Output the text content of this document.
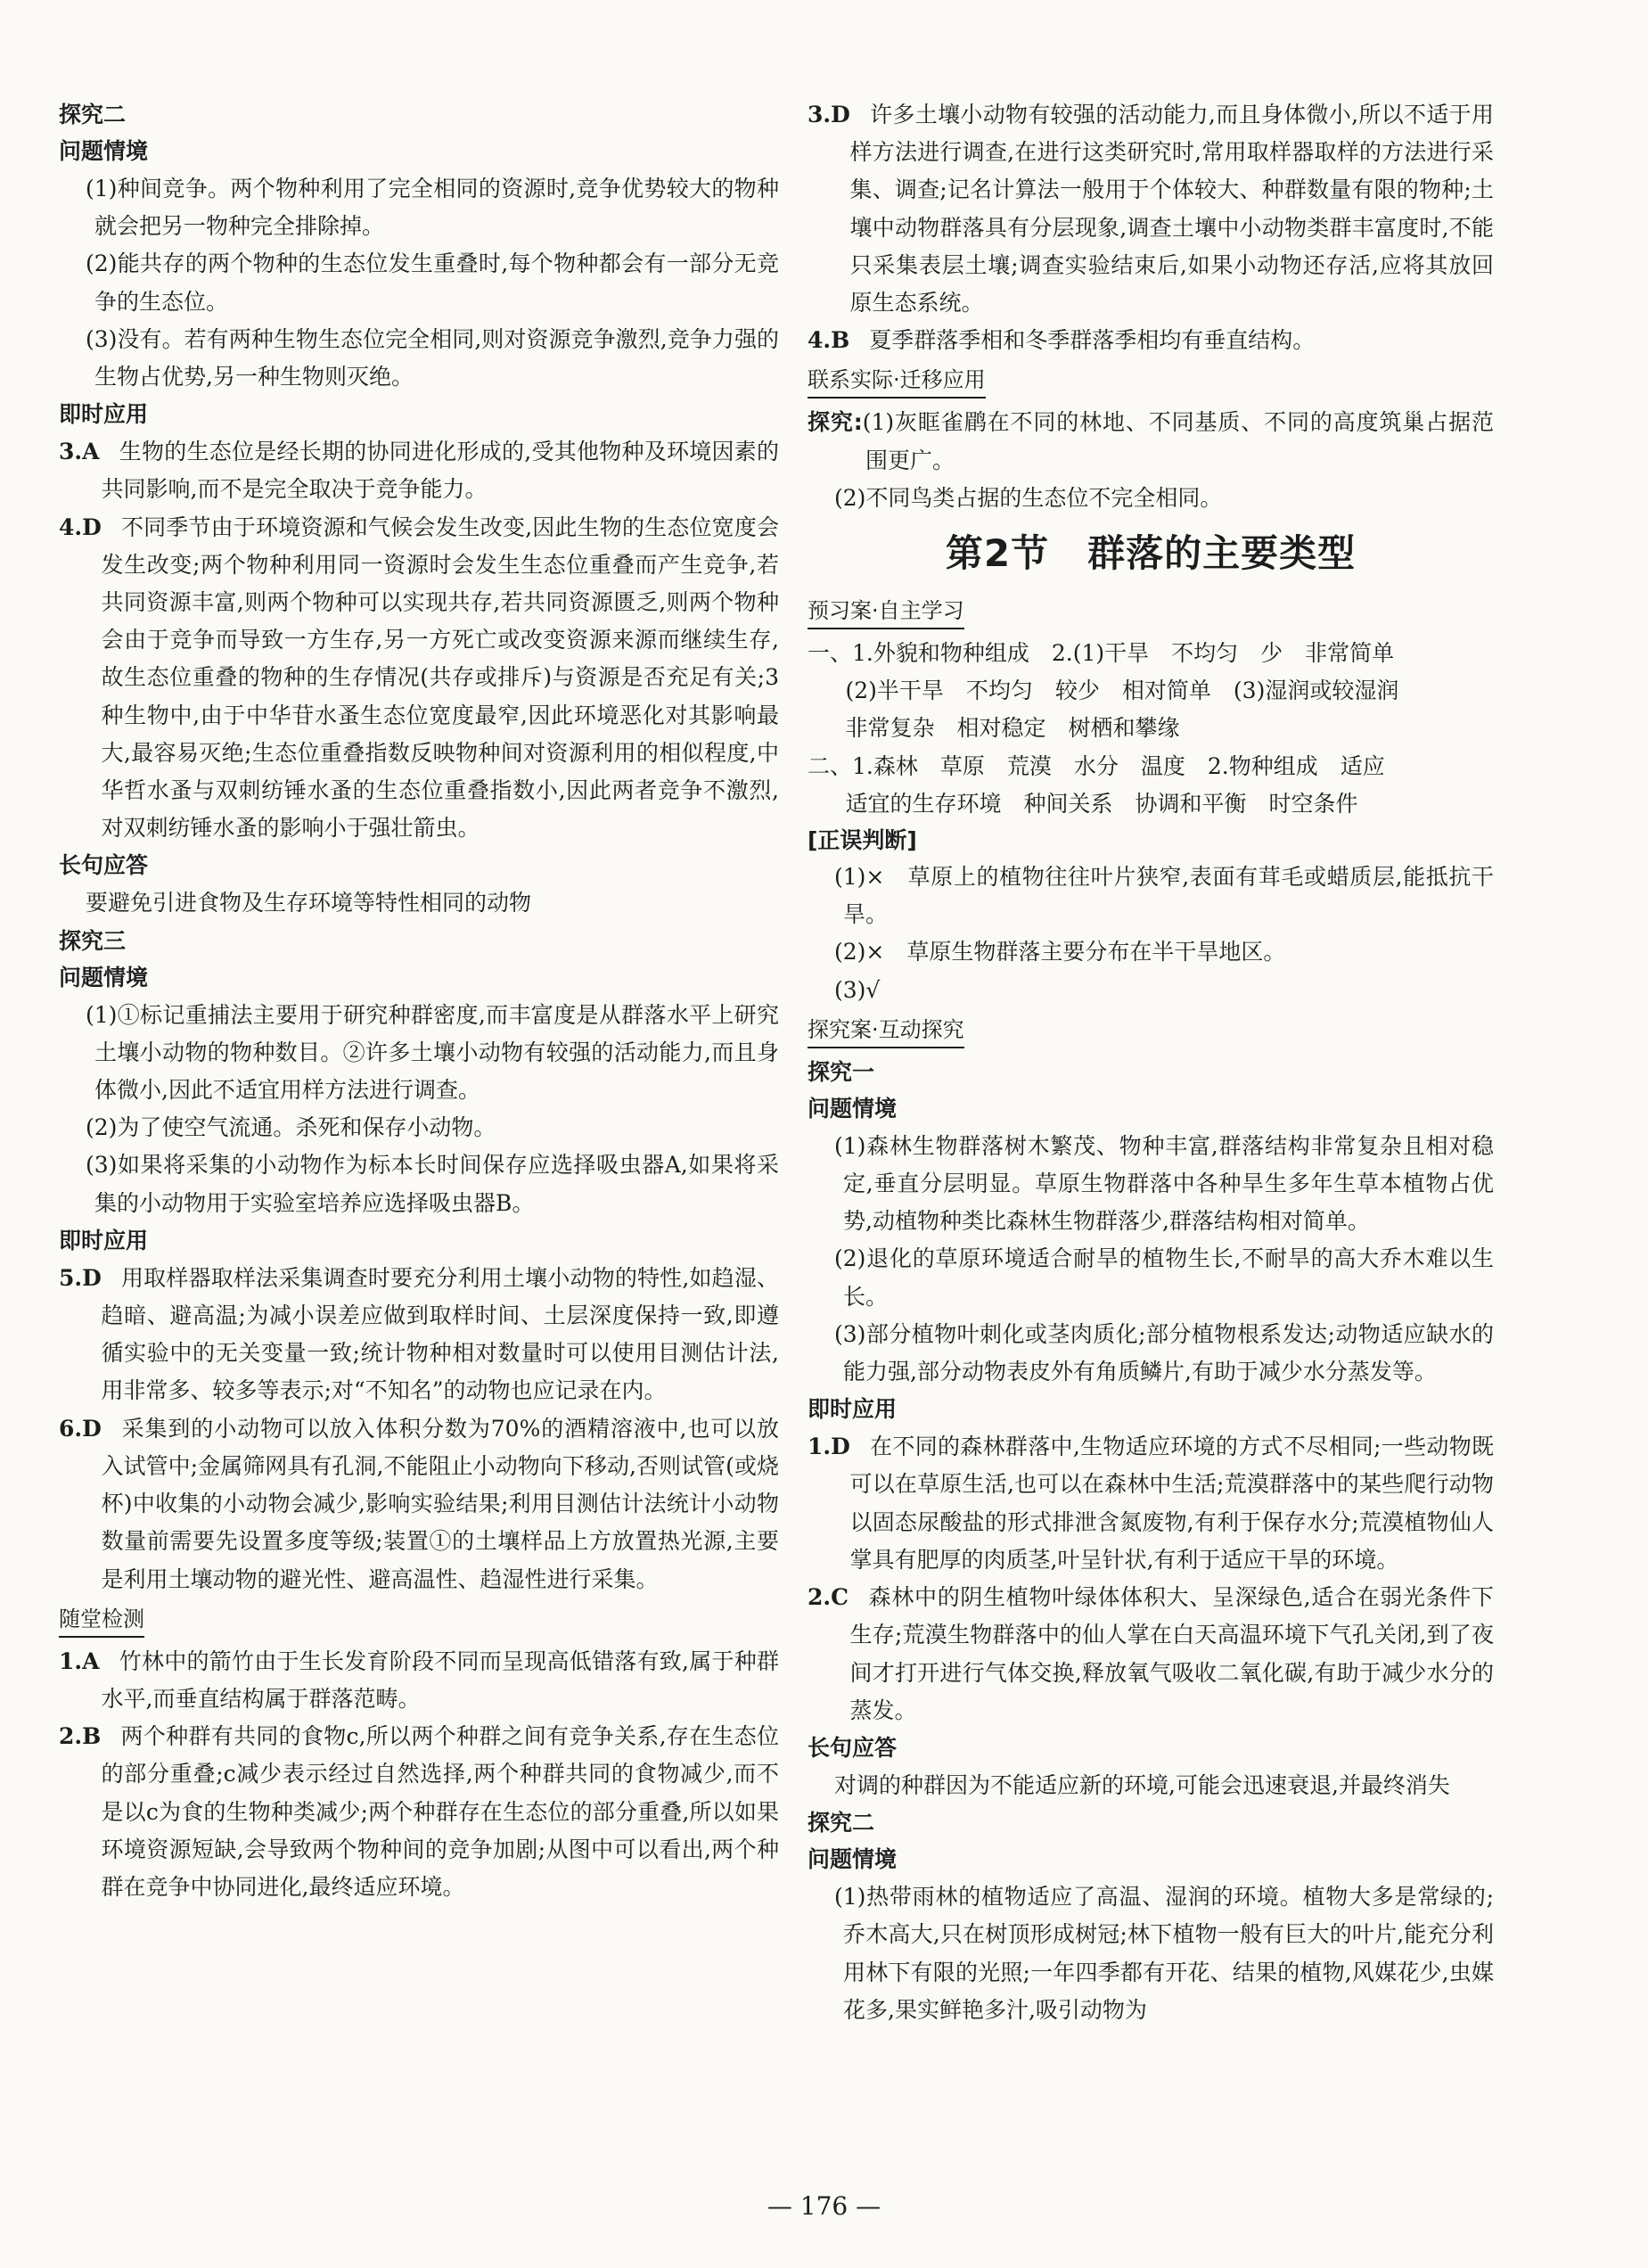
探究二
问题情境

(1)种间竞争。两个物种利用了完全相同的资源时,竞争优势较大的物种就会把另一物种完全排除掉。

(2)能共存的两个物种的生态位发生重叠时,每个物种都会有一部分无竞争的生态位。

(3)没有。若有两种生物生态位完全相同,则对资源竞争激烈,竞争力强的生物占优势,另一种生物则灭绝。

即时应用

3.A 生物的生态位是经长期的协同进化形成的,受其他物种及环境因素的共同影响,而不是完全取决于竞争能力。

4.D 不同季节由于环境资源和气候会发生改变,因此生物的生态位宽度会发生改变;两个物种利用同一资源时会发生生态位重叠而产生竞争,若共同资源丰富,则两个物种可以实现共存,若共同资源匮乏,则两个物种会由于竞争而导致一方生存,另一方死亡或改变资源来源而继续生存,故生态位重叠的物种的生存情况(共存或排斥)与资源是否充足有关;3种生物中,由于中华苷水蚤生态位宽度最窄,因此环境恶化对其影响最大,最容易灭绝;生态位重叠指数反映物种间对资源利用的相似程度,中华哲水蚤与双刺纺锤水蚤的生态位重叠指数小,因此两者竞争不激烈,对双刺纺锤水蚤的影响小于强壮箭虫。

长句应答

要避免引进食物及生存环境等特性相同的动物

探究三
问题情境

(1)①标记重捕法主要用于研究种群密度,而丰富度是从群落水平上研究土壤小动物的物种数目。②许多土壤小动物有较强的活动能力,而且身体微小,因此不适宜用样方法进行调查。

(2)为了使空气流通。杀死和保存小动物。

(3)如果将采集的小动物作为标本长时间保存应选择吸虫器A,如果将采集的小动物用于实验室培养应选择吸虫器B。

即时应用

5.D 用取样器取样法采集调查时要充分利用土壤小动物的特性,如趋湿、趋暗、避高温;为减小误差应做到取样时间、土层深度保持一致,即遵循实验中的无关变量一致;统计物种相对数量时可以使用目测估计法,用非常多、较多等表示;对“不知名”的动物也应记录在内。

6.D 采集到的小动物可以放入体积分数为70%的酒精溶液中,也可以放入试管中;金属筛网具有孔洞,不能阻止小动物向下移动,否则试管(或烧杯)中收集的小动物会减少,影响实验结果;利用目测估计法统计小动物数量前需要先设置多度等级;装置①的土壤样品上方放置热光源,主要是利用土壤动物的避光性、避高温性、趋湿性进行采集。

随堂检测

1.A 竹林中的箭竹由于生长发育阶段不同而呈现高低错落有致,属于种群水平,而垂直结构属于群落范畴。

2.B 两个种群有共同的食物c,所以两个种群之间有竞争关系,存在生态位的部分重叠;c减少表示经过自然选择,两个种群共同的食物减少,而不是以c为食的生物种类减少;两个种群存在生态位的部分重叠,所以如果环境资源短缺,会导致两个物种间的竞争加剧;从图中可以看出,两个种群在竞争中协同进化,最终适应环境。

3.D 许多土壤小动物有较强的活动能力,而且身体微小,所以不适于用样方法进行调查,在进行这类研究时,常用取样器取样的方法进行采集、调查;记名计算法一般用于个体较大、种群数量有限的物种;土壤中动物群落具有分层现象,调查土壤中小动物类群丰富度时,不能只采集表层土壤;调查实验结束后,如果小动物还存活,应将其放回原生态系统。

4.B 夏季群落季相和冬季群落季相均有垂直结构。

联系实际·迁移应用

探究:(1)灰眶雀鹛在不同的林地、不同基质、不同的高度筑巢占据范围更广。

(2)不同鸟类占据的生态位不完全相同。

第2节　群落的主要类型
预习案·自主学习

一、1.外貌和物种组成　2.(1)干旱　不均匀　少　非常简单

(2)半干旱　不均匀　较少　相对简单　(3)湿润或较湿润

非常复杂　相对稳定　树栖和攀缘

二、1.森林　草原　荒漠　水分　温度　2.物种组成　适应

适宜的生存环境　种间关系　协调和平衡　时空条件

[正误判断]

(1)×　草原上的植物往往叶片狭窄,表面有茸毛或蜡质层,能抵抗干旱。

(2)×　草原生物群落主要分布在半干旱地区。

(3)√

探究案·互动探究
探究一
问题情境

(1)森林生物群落树木繁茂、物种丰富,群落结构非常复杂且相对稳定,垂直分层明显。草原生物群落中各种旱生多年生草本植物占优势,动植物种类比森林生物群落少,群落结构相对简单。

(2)退化的草原环境适合耐旱的植物生长,不耐旱的高大乔木难以生长。

(3)部分植物叶刺化或茎肉质化;部分植物根系发达;动物适应缺水的能力强,部分动物表皮外有角质鳞片,有助于减少水分蒸发等。

即时应用

1.D 在不同的森林群落中,生物适应环境的方式不尽相同;一些动物既可以在草原生活,也可以在森林中生活;荒漠群落中的某些爬行动物以固态尿酸盐的形式排泄含氮废物,有利于保存水分;荒漠植物仙人掌具有肥厚的肉质茎,叶呈针状,有利于适应干旱的环境。

2.C 森林中的阴生植物叶绿体体积大、呈深绿色,适合在弱光条件下生存;荒漠生物群落中的仙人掌在白天高温环境下气孔关闭,到了夜间才打开进行气体交换,释放氧气吸收二氧化碳,有助于减少水分的蒸发。

长句应答

对调的种群因为不能适应新的环境,可能会迅速衰退,并最终消失

探究二
问题情境

(1)热带雨林的植物适应了高温、湿润的环境。植物大多是常绿的;乔木高大,只在树顶形成树冠;林下植物一般有巨大的叶片,能充分利用林下有限的光照;一年四季都有开花、结果的植物,风媒花少,虫媒花多,果实鲜艳多汁,吸引动物为

— 176 —
